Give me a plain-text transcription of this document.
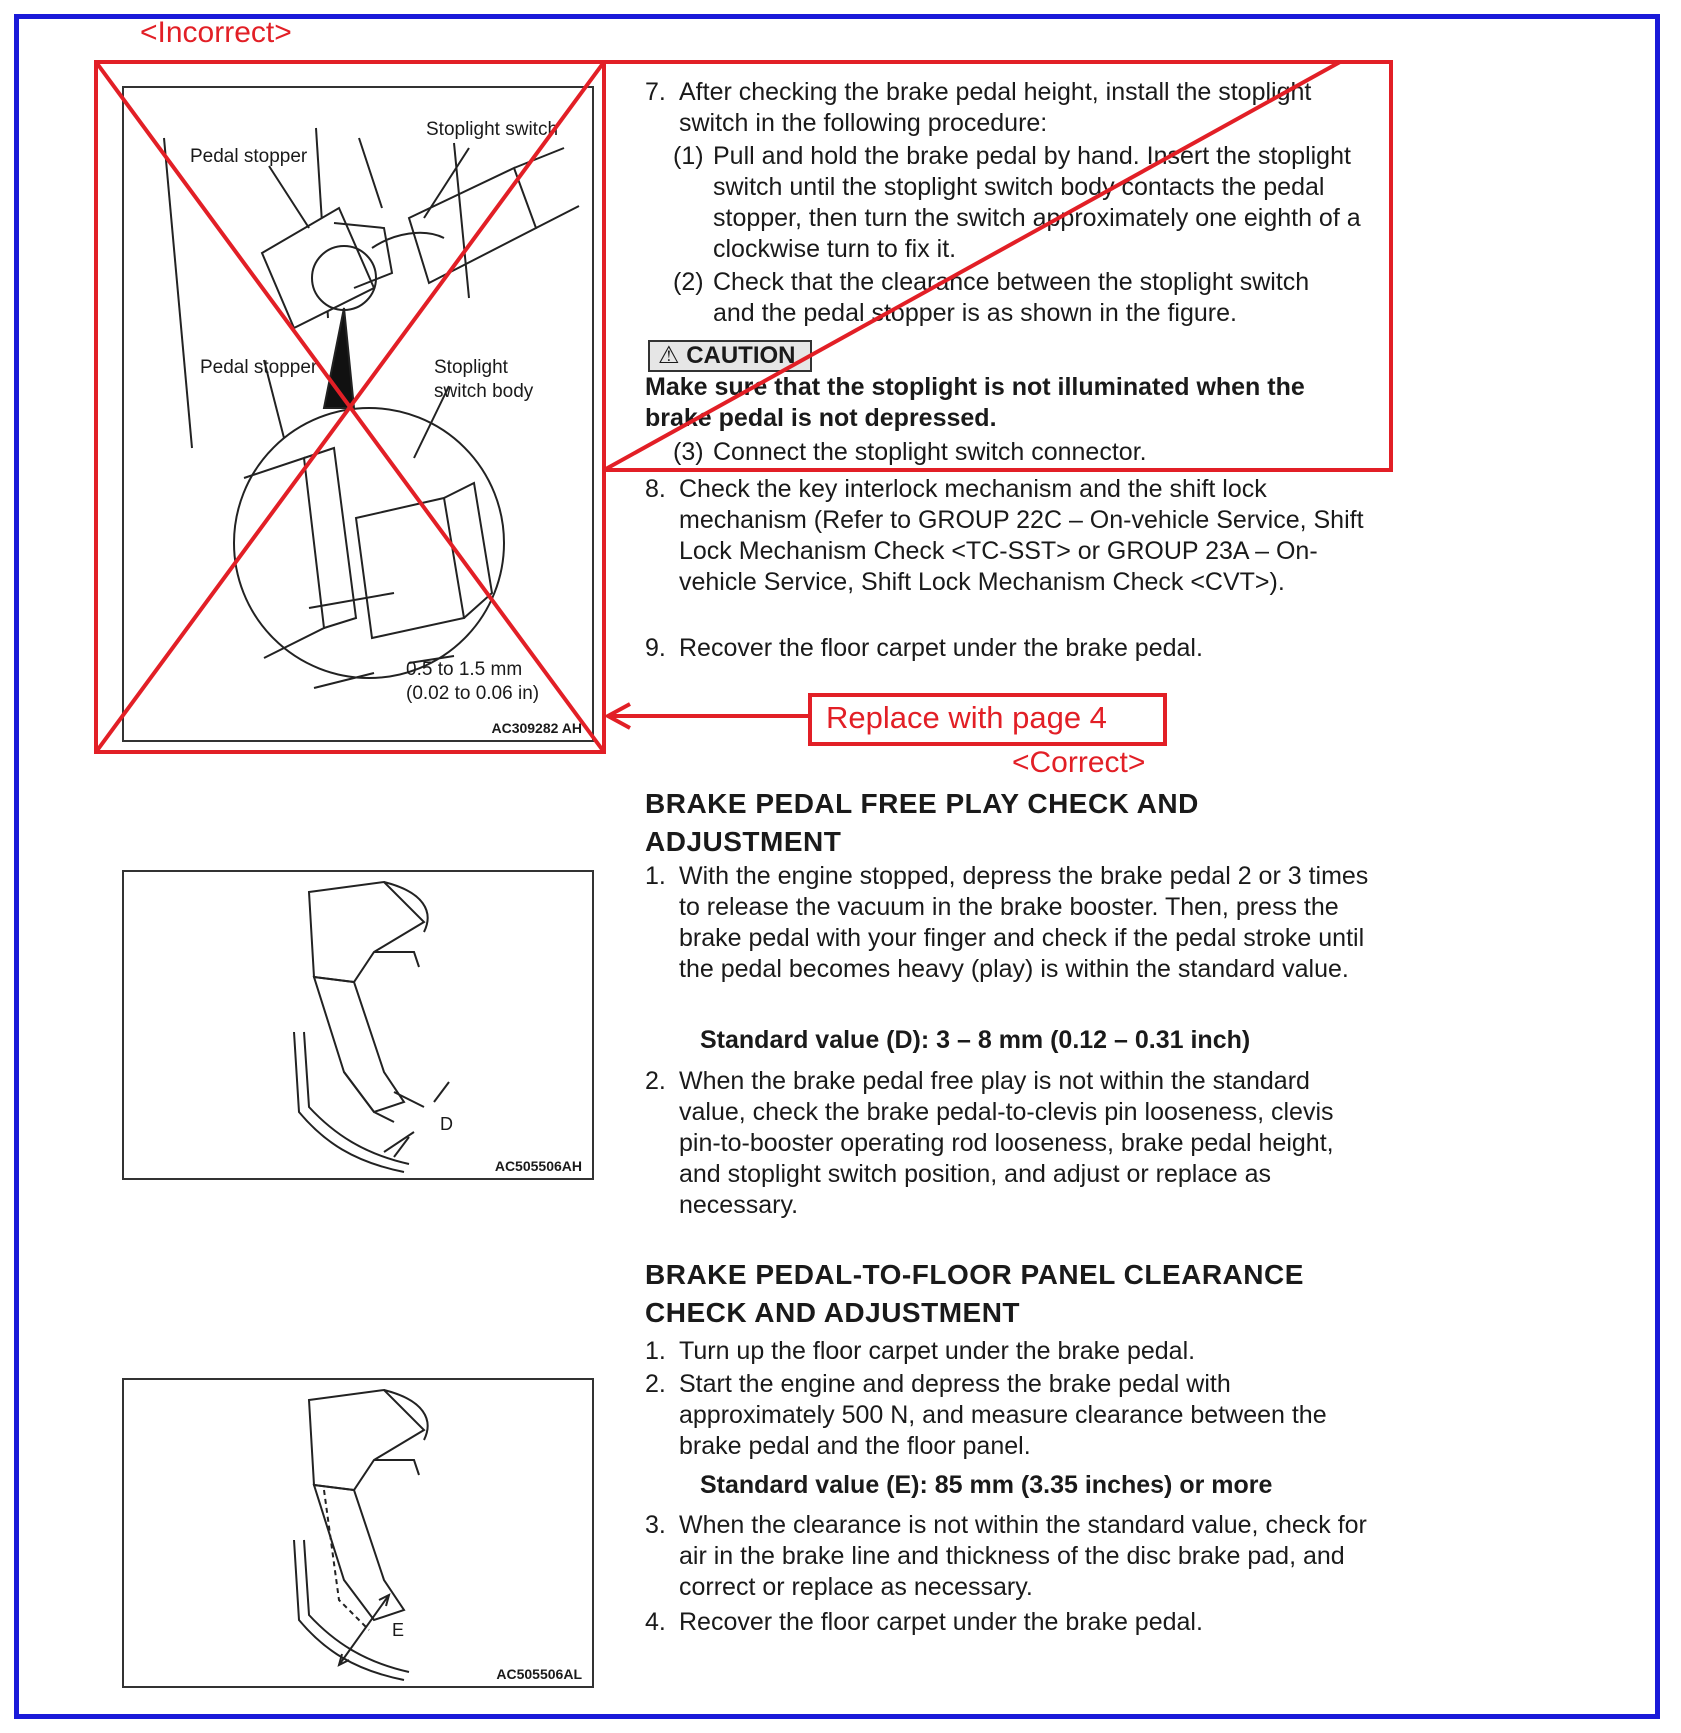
<Incorrect>
Stoplight switch
Pedal stopper
Pedal stopper	Stoplight switch body
0.5 to 1.5 mm
(0.02 to 0.06 in)
AC309282 AH
7. After checking the brake pedal height, install the stoplight switch in the following procedure:
(1) Pull and hold the brake pedal by hand. Insert the stoplight switch until the stoplight switch body contacts the pedal stopper, then turn the switch approximately one eighth of a clockwise turn to fix it.
(2) Check that the clearance between the stoplight switch and the pedal stopper is as shown in the figure.
⚠ CAUTION
Make sure that the stoplight is not illuminated when the brake pedal is not depressed.
(3) Connect the stoplight switch connector.
8. Check the key interlock mechanism and the shift lock mechanism (Refer to GROUP 22C – On-vehicle Service, Shift Lock Mechanism Check <TC-SST> or GROUP 23A – On-vehicle Service, Shift Lock Mechanism Check <CVT>).
9. Recover the floor carpet under the brake pedal.
Replace with page 4
<Correct>
BRAKE PEDAL FREE PLAY CHECK AND ADJUSTMENT
D
AC505506AH
1. With the engine stopped, depress the brake pedal 2 or 3 times to release the vacuum in the brake booster. Then, press the brake pedal with your finger and check if the pedal stroke until the pedal becomes heavy (play) is within the standard value.
Standard value (D): 3 – 8 mm (0.12 – 0.31 inch)
2. When the brake pedal free play is not within the standard value, check the brake pedal-to-clevis pin looseness, clevis pin-to-booster operating rod looseness, brake pedal height, and stoplight switch position, and adjust or replace as necessary.
BRAKE PEDAL-TO-FLOOR PANEL CLEARANCE CHECK AND ADJUSTMENT
E
AC505506AL
1. Turn up the floor carpet under the brake pedal.
2. Start the engine and depress the brake pedal with approximately 500 N, and measure clearance between the brake pedal and the floor panel.
Standard value (E): 85 mm (3.35 inches) or more
3. When the clearance is not within the standard value, check for air in the brake line and thickness of the disc brake pad, and correct or replace as necessary.
4. Recover the floor carpet under the brake pedal.
